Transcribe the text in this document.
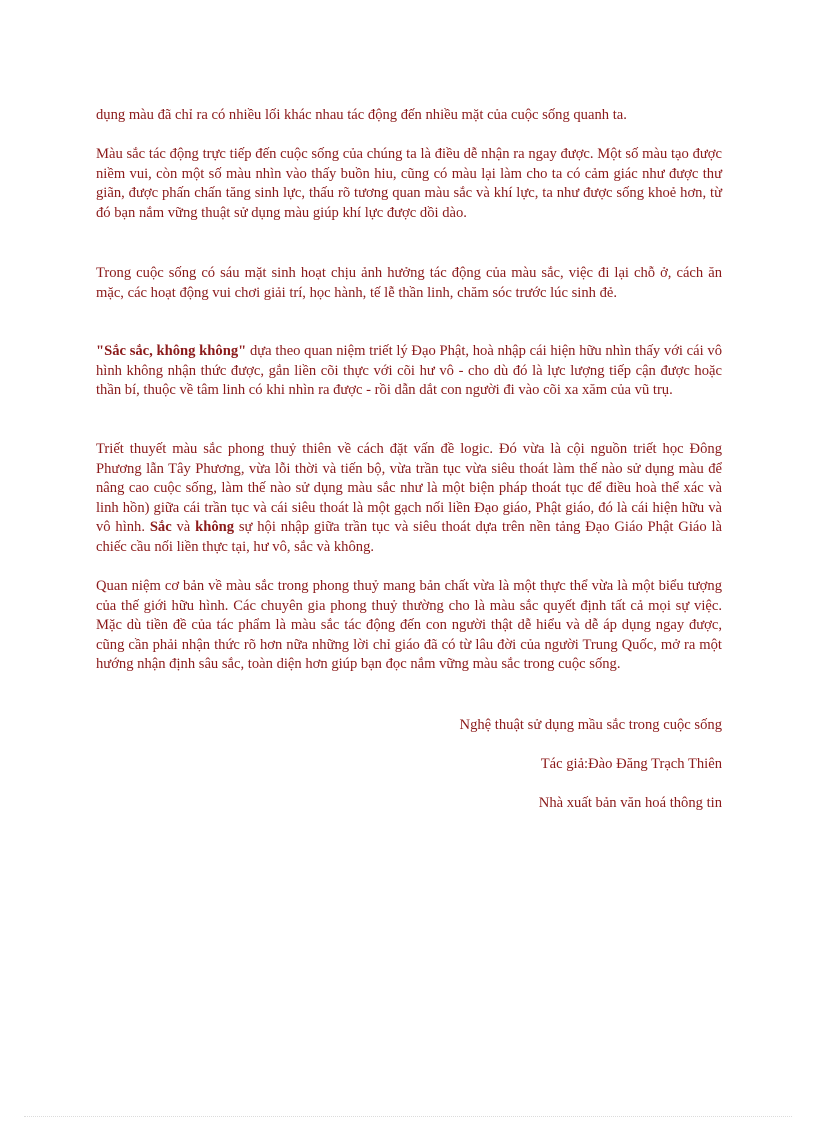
dụng màu đã chỉ ra có nhiều lối khác nhau tác động đến nhiều mặt của cuộc sống quanh ta.

Màu sắc tác động trực tiếp đến cuộc sống của chúng ta là điều dễ nhận ra ngay được. Một số màu tạo được niềm vui, còn một số màu nhìn vào thấy buồn hiu, cũng có màu lại làm cho ta có cảm giác như được thư giãn, được phấn chấn tăng sinh lực, thấu rõ tương quan màu sắc và khí lực, ta như được sống khoẻ hơn, từ đó bạn nắm vững thuật sử dụng màu giúp khí lực được dồi dào.

Trong cuộc sống có sáu mặt sinh hoạt chịu ảnh hưởng tác động của màu sắc, việc đi lại chỗ ở, cách ăn mặc, các hoạt động vui chơi giải trí, học hành, tế lễ thần linh, chăm sóc trước lúc sinh đẻ.

"Sắc sắc, không không" dựa theo quan niệm triết lý Đạo Phật, hoà nhập cái hiện hữu nhìn thấy với cái vô hình không nhận thức được, gắn liền cõi thực với cõi hư vô - cho dù đó là lực lượng tiếp cận được hoặc thần bí, thuộc về tâm linh có khi nhìn ra được - rồi dẫn dắt con người đi vào cõi xa xăm của vũ trụ.

Triết thuyết màu sắc phong thuỷ thiên về cách đặt vấn đề logic. Đó vừa là cội nguồn triết học Đông Phương lẫn Tây Phương, vừa lỗi thời và tiến bộ, vừa trần tục vừa siêu thoát làm thế nào sử dụng màu để nâng cao cuộc sống, làm thế nào sử dụng màu sắc như là một biện pháp thoát tục để điều hoà thể xác và linh hồn) giữa cái trần tục và cái siêu thoát là một gạch nối liền Đạo giáo, Phật giáo, đó là cái hiện hữu và vô hình. Sắc và không sự hội nhập giữa trần tục và siêu thoát dựa trên nền tảng Đạo Giáo Phật Giáo là chiếc cầu nối liền thực tại, hư vô, sắc và không.

Quan niệm cơ bản về màu sắc trong phong thuỷ mang bản chất vừa là một thực thể vừa là một biểu tượng của thế giới hữu hình. Các chuyên gia phong thuỷ thường cho là màu sắc quyết định tất cả mọi sự việc. Mặc dù tiền đề của tác phẩm là màu sắc tác động đến con người thật dễ hiểu và dễ áp dụng ngay được, cũng cần phải nhận thức rõ hơn nữa những lời chỉ giáo đã có từ lâu đời của người Trung Quốc, mở ra một hướng nhận định sâu sắc, toàn diện hơn giúp bạn đọc nắm vững màu sắc trong cuộc sống.

Nghệ thuật sử dụng mầu sắc trong cuộc sống

Tác giả:Đào Đăng Trạch Thiên

Nhà xuất bản văn hoá thông tin
